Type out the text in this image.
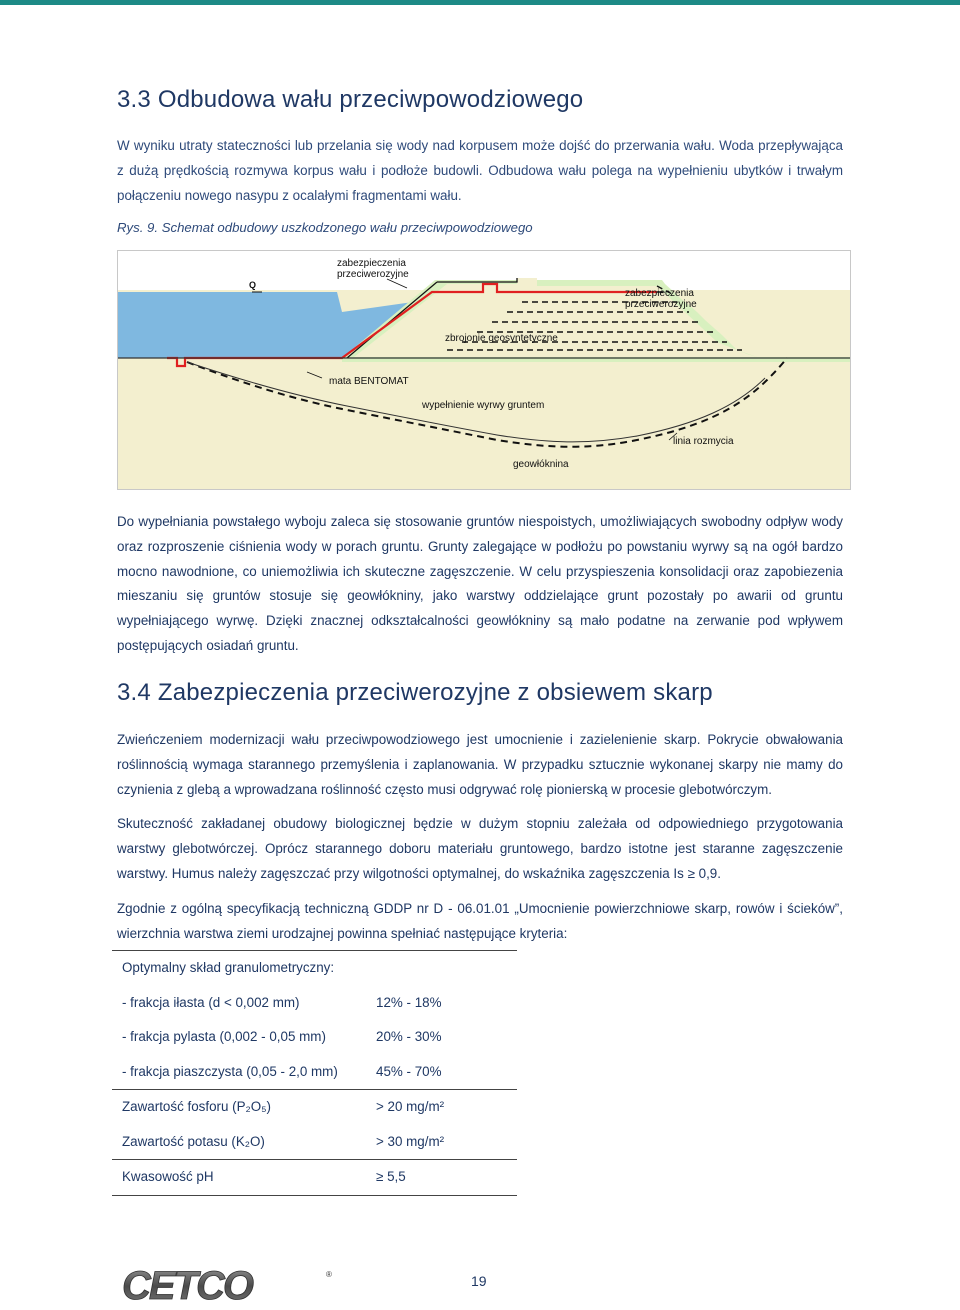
3.3 Odbudowa wału przeciwpowodziowego

W wyniku utraty stateczności lub przelania się wody nad korpusem może dojść do przerwania wału. Woda przepływająca z dużą prędkością rozmywa korpus wału i podłoże budowli. Odbudowa wału polega na wypełnieniu ubytków i trwałym połączeniu nowego nasypu z ocalałymi fragmentami wału.

Rys. 9. Schemat odbudowy uszkodzonego wału przeciwpowodziowego
zabezpieczenia
przeciwerozyjne
Q
zabezpieczenia
przeciwerozyjne
zbrojonie geosyntetyczne
mata BENTOMAT
wypełnienie wyrwy gruntem
linia rozmycia
geowłóknina

Do wypełniania powstałego wyboju zaleca się stosowanie gruntów niespoistych, umożliwiających swobodny odpływ wody oraz rozproszenie ciśnienia wody w porach gruntu. Grunty zalegające w podłożu po powstaniu wyrwy są na ogół bardzo mocno nawodnione, co uniemożliwia ich skuteczne zagęszczenie. W celu przyspieszenia konsolidacji oraz zapobiezenia mieszaniu się gruntów stosuje się geowłókniny, jako warstwy oddzielające grunt pozostały po awarii od gruntu wypełniającego wyrwę. Dzięki znacznej odkształcalności geowłókniny są mało podatne na zerwanie pod wpływem postępujących osiadań gruntu.

3.4 Zabezpieczenia przeciwerozyjne z obsiewem skarp

Zwieńczeniem modernizacji wału przeciwpowodziowego jest umocnienie i zazielenienie skarp. Pokrycie obwałowania roślinnością wymaga starannego przemyślenia i zaplanowania. W przypadku sztucznie wykonanej skarpy nie mamy do czynienia z glebą a wprowadzana roślinność często musi odgrywać rolę pionierską w procesie glebotwórczym.

Skuteczność zakładanej obudowy biologicznej będzie w dużym stopniu zależała od odpowiedniego przygotowania warstwy glebotwórczej. Oprócz starannego doboru materiału gruntowego, bardzo istotne jest staranne zagęszczenie warstwy. Humus należy zagęszczać przy wilgotności optymalnej, do wskaźnika zagęszczenia Is ≥ 0,9.

Zgodnie z ogólną specyfikacją techniczną GDDP nr D - 06.01.01 „Umocnienie powierzchniowe skarp, rowów i ścieków”, wierzchnia warstwa ziemi urodzajnej powinna spełniać następujące kryteria:

Optymalny skład granulometryczny:
- frakcja iłasta (d < 0,002 mm)	12% - 18%
- frakcja pylasta (0,002 - 0,05 mm)	20% - 30%
- frakcja piaszczysta (0,05 - 2,0 mm)	45% - 70%
Zawartość fosforu (P₂O₅)	> 20 mg/m²
Zawartość potasu (K₂O)	> 30 mg/m²
Kwasowość pH	≥ 5,5
CETCO	®	19
